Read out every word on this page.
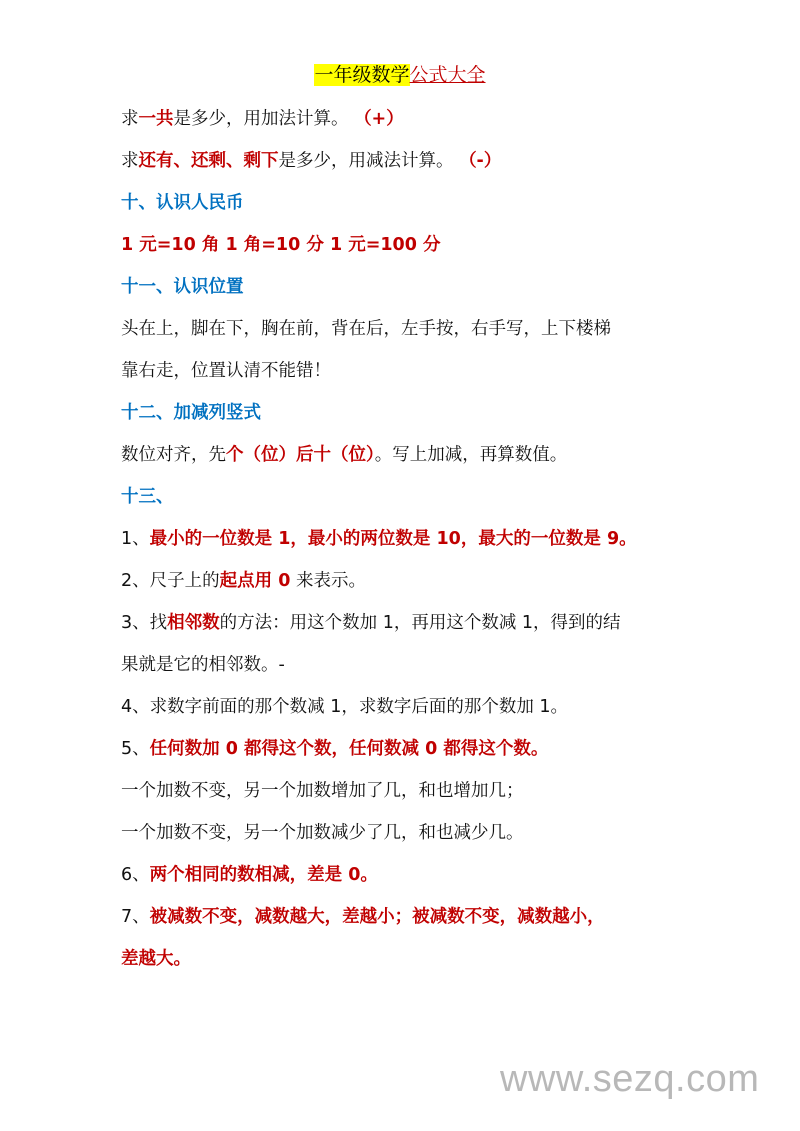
一年级数学公式大全
求一共是多少，用加法计算。 （+）
求还有、还剩、剩下是多少，用减法计算。 （-）
十、认识人民币
1 元=10 角 1 角=10 分 1 元=100 分
十一、认识位置
头在上，脚在下，胸在前，背在后，左手按，右手写，上下楼梯
靠右走，位置认清不能错！
十二、加减列竖式
数位对齐，先个（位）后十（位）。写上加减，再算数值。
十三、
1、最小的一位数是 1，最小的两位数是 10，最大的一位数是 9。
2、尺子上的起点用 0 来表示。
3、找相邻数的方法：用这个数加 1，再用这个数减 1，得到的结
果就是它的相邻数。-
4、求数字前面的那个数减 1，求数字后面的那个数加 1。
5、任何数加 0 都得这个数，任何数减 0 都得这个数。
一个加数不变，另一个加数增加了几，和也增加几；
一个加数不变，另一个加数减少了几，和也减少几。
6、两个相同的数相减，差是 0。
7、被减数不变，减数越大，差越小；被减数不变，减数越小，
差越大。
www.sezq.com
